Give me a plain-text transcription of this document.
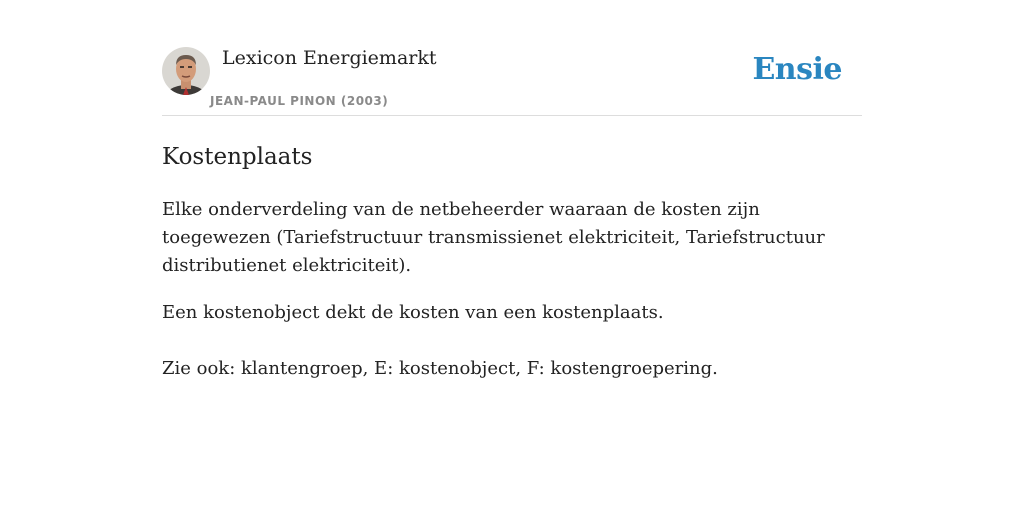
Lexicon Energiemarkt
JEAN-PAUL PINON (2003)
Ensie
Kostenplaats

Elke onderverdeling van de netbeheerder waaraan de kosten zijn toegewezen (Tariefstructuur transmissienet elektriciteit, Tariefstructuur distributienet elektriciteit).

Een kostenobject dekt de kosten van een kostenplaats.

Zie ook: klantengroep, E: kostenobject, F: kostengroepering.
